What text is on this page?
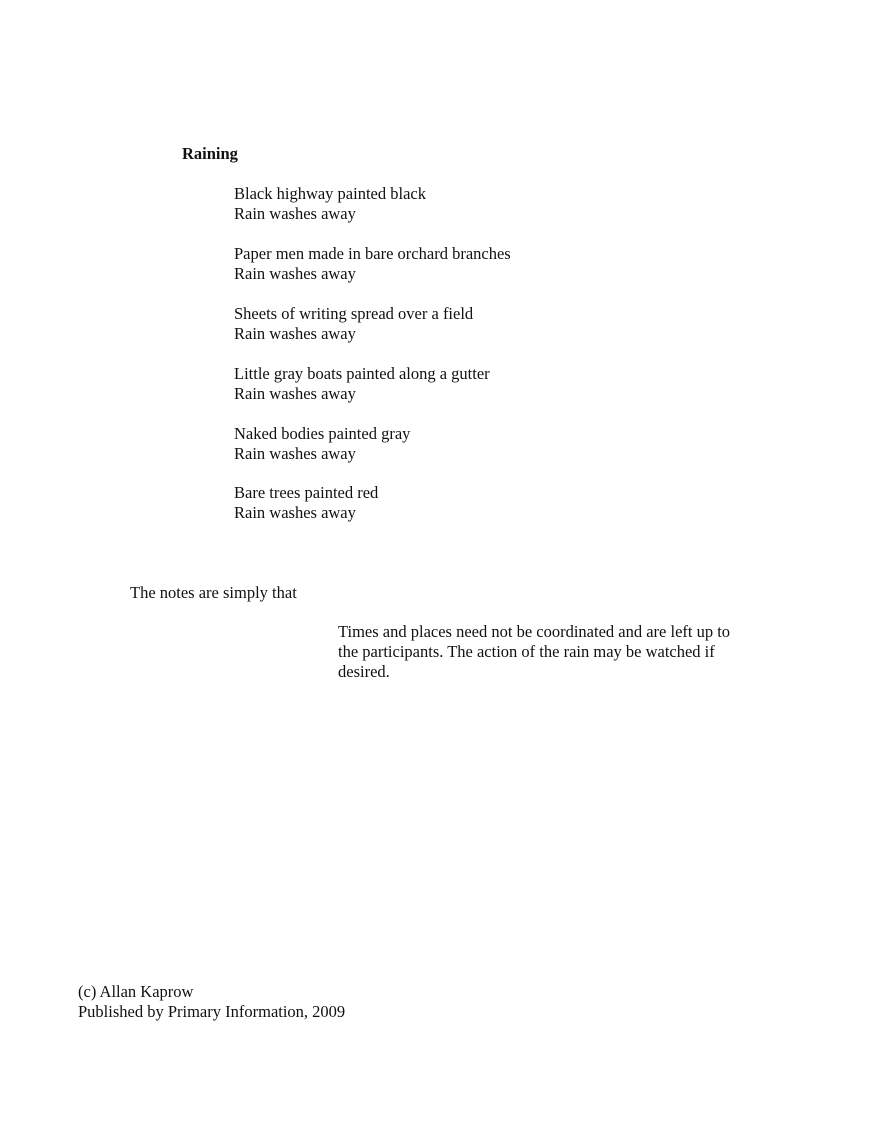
Raining
Black highway painted black
Rain washes away
Paper men made in bare orchard branches
Rain washes away
Sheets of writing spread over a field
Rain washes away
Little gray boats painted along a gutter
Rain washes away
Naked bodies painted gray
Rain washes away
Bare trees painted red
Rain washes away
The notes are simply that
Times and places need not be coordinated and are left up to
the participants. The action of the rain may be watched if
desired.
(c) Allan Kaprow
Published by Primary Information, 2009
